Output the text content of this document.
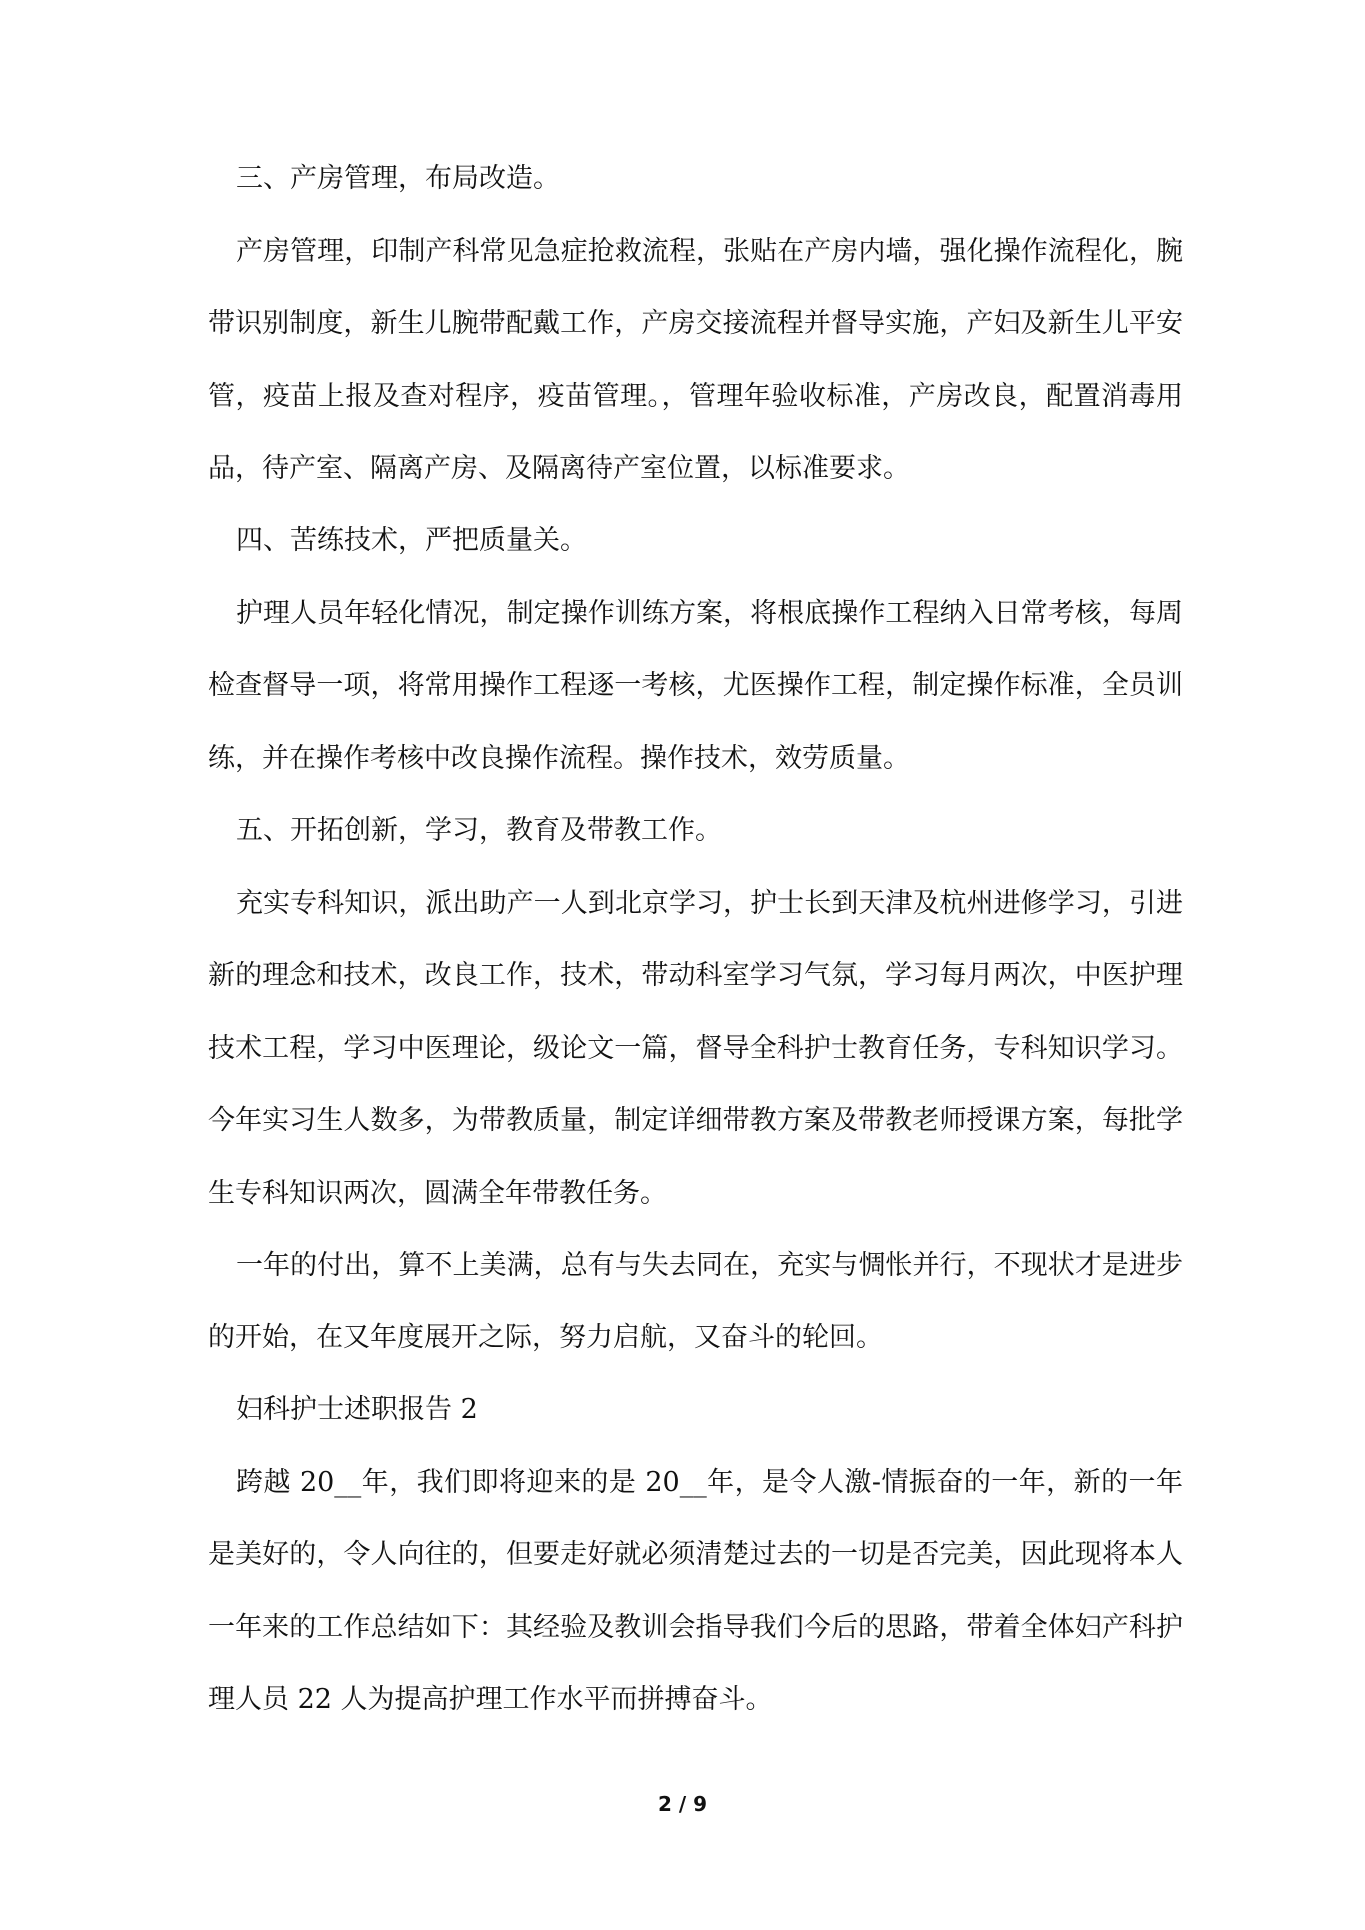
三、产房管理，布局改造。

产房管理，印制产科常见急症抢救流程，张贴在产房内墙，强化操作流程化，腕带识别制度，新生儿腕带配戴工作，产房交接流程并督导实施，产妇及新生儿平安管，疫苗上报及查对程序，疫苗管理。，管理年验收标准，产房改良，配置消毒用品，待产室、隔离产房、及隔离待产室位置，以标准要求。

四、苦练技术，严把质量关。

护理人员年轻化情况，制定操作训练方案，将根底操作工程纳入日常考核，每周检查督导一项，将常用操作工程逐一考核，尤医操作工程，制定操作标准，全员训练，并在操作考核中改良操作流程。操作技术，效劳质量。

五、开拓创新，学习，教育及带教工作。

充实专科知识，派出助产一人到北京学习，护士长到天津及杭州进修学习，引进新的理念和技术，改良工作，技术，带动科室学习气氛，学习每月两次，中医护理技术工程，学习中医理论，级论文一篇，督导全科护士教育任务，专科知识学习。今年实习生人数多，为带教质量，制定详细带教方案及带教老师授课方案，每批学生专科知识两次，圆满全年带教任务。

一年的付出，算不上美满，总有与失去同在，充实与惆怅并行，不现状才是进步的开始，在又年度展开之际，努力启航，又奋斗的轮回。

妇科护士述职报告 2

跨越 20__年，我们即将迎来的是 20__年，是令人激-情振奋的一年，新的一年是美好的，令人向往的，但要走好就必须清楚过去的一切是否完美，因此现将本人一年来的工作总结如下：其经验及教训会指导我们今后的思路，带着全体妇产科护理人员 22 人为提高护理工作水平而拼搏奋斗。

2 / 9
